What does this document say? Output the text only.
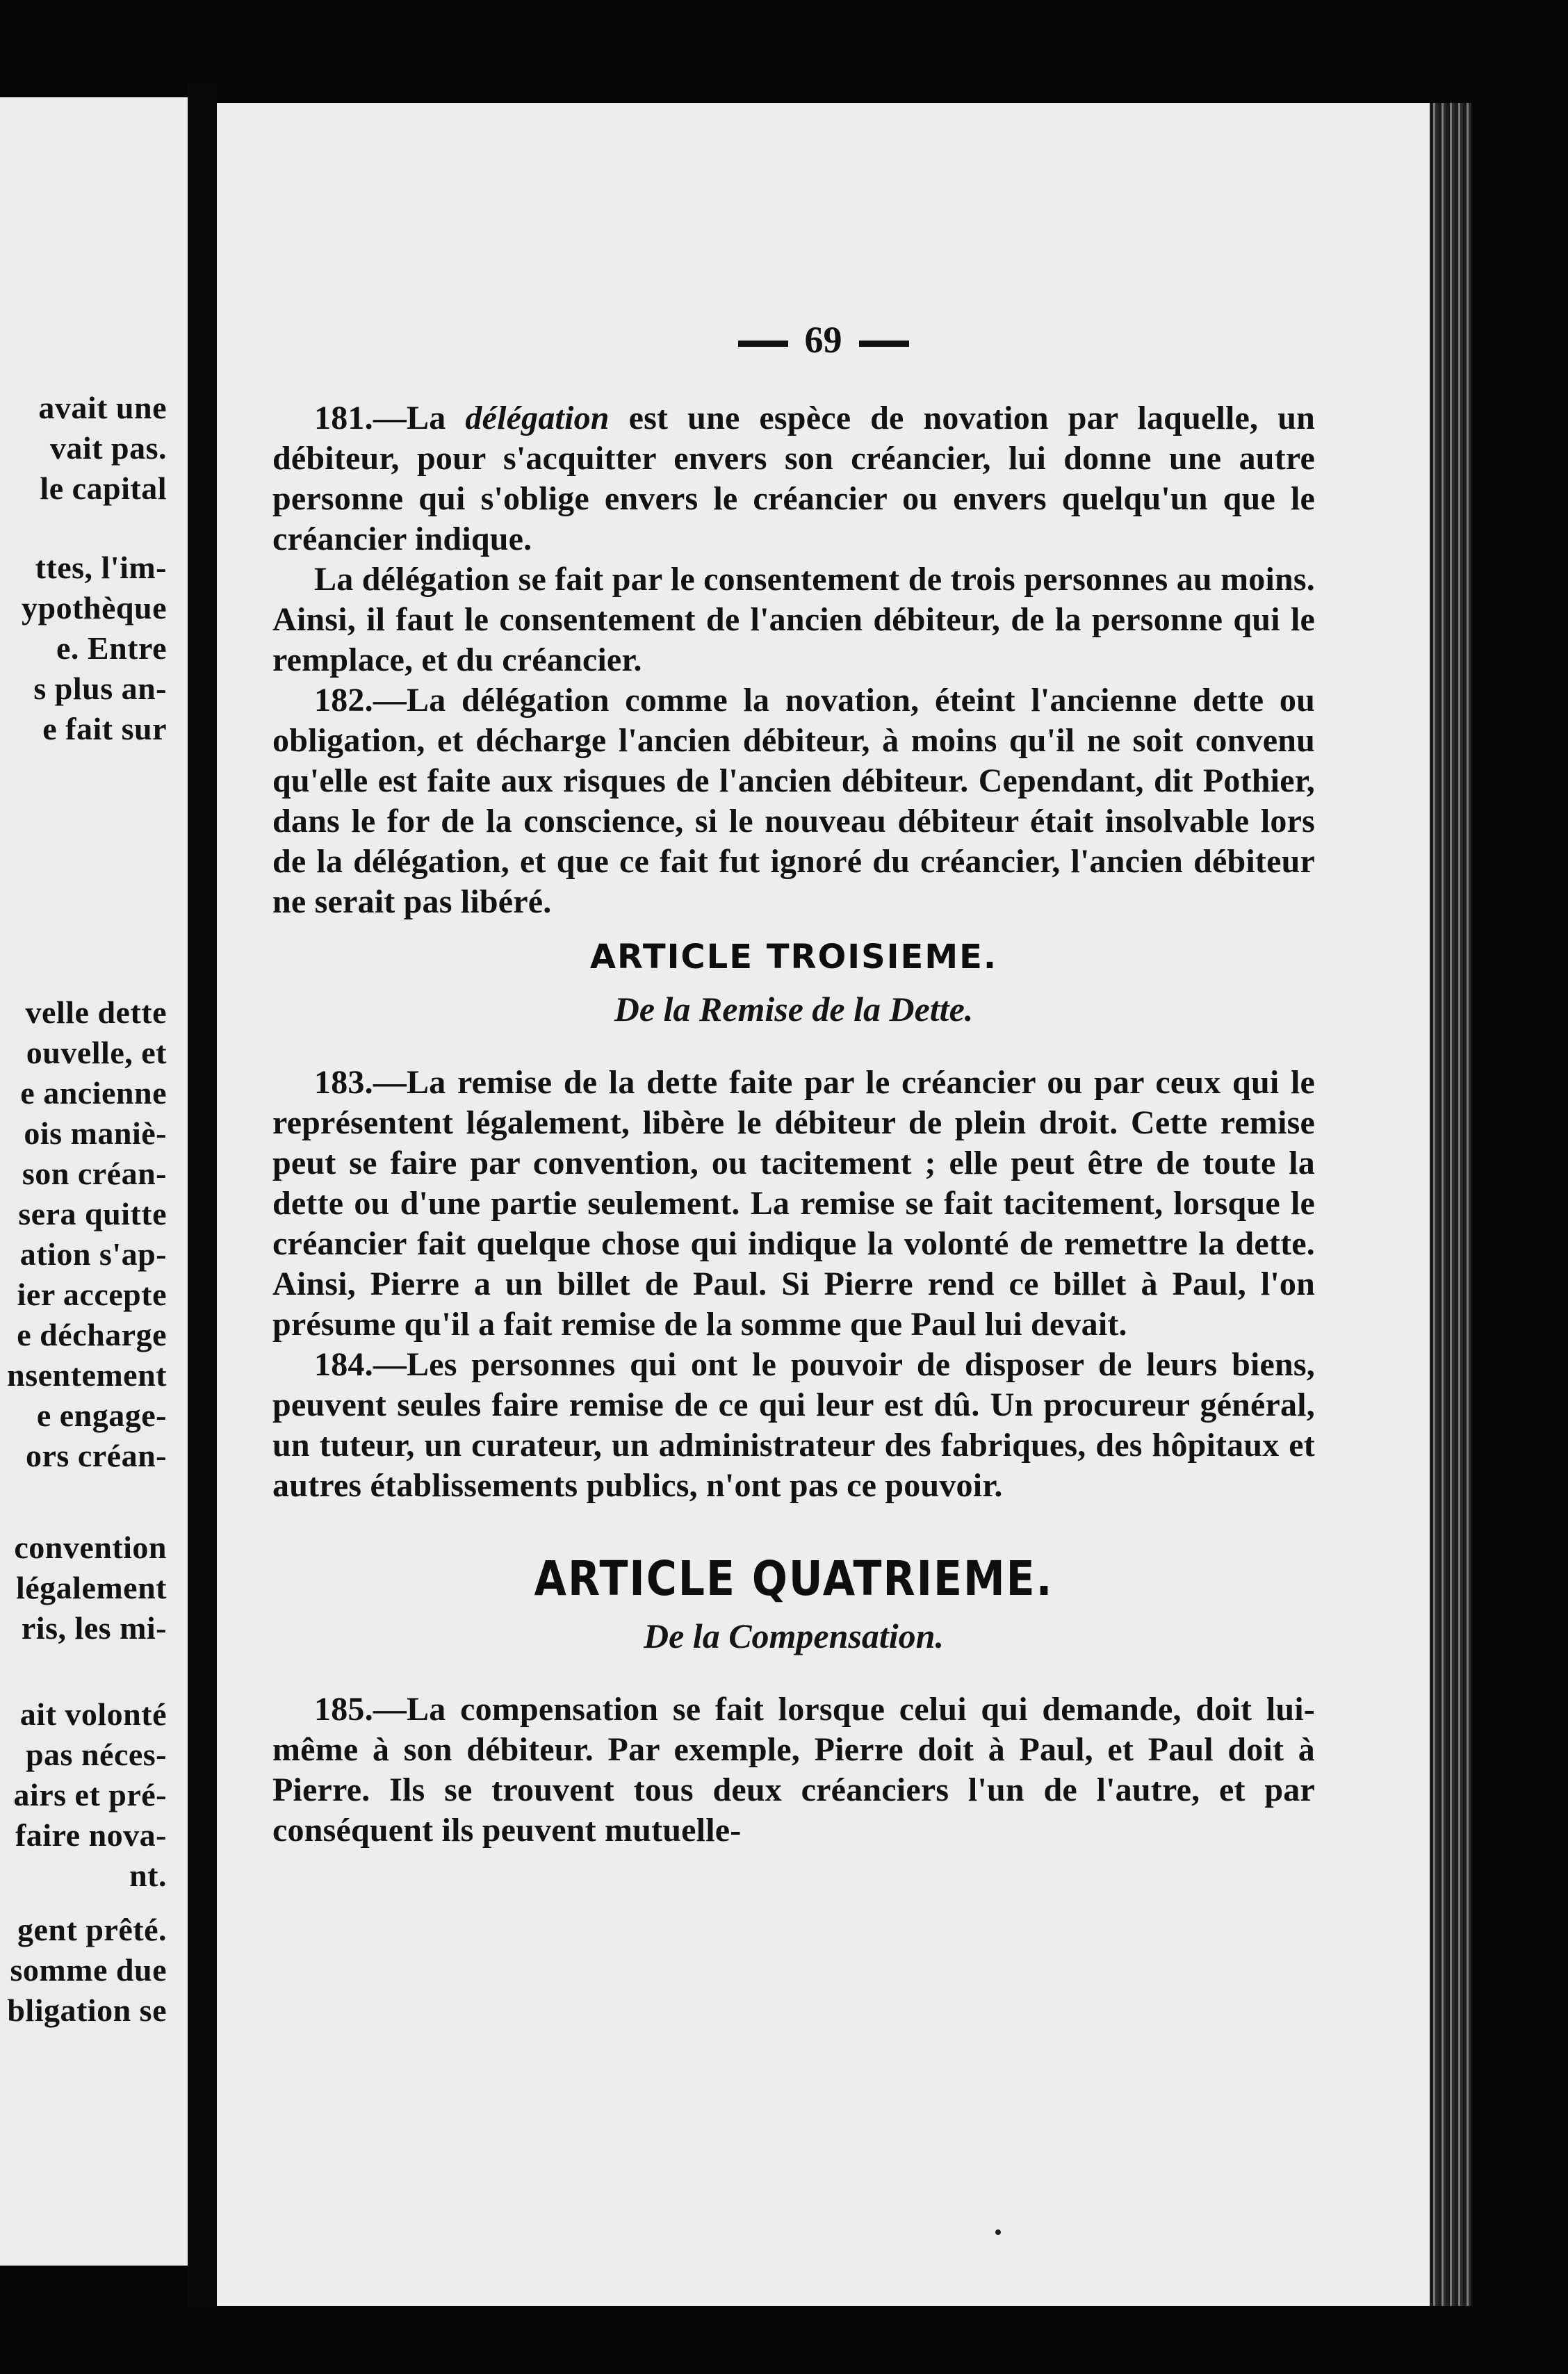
avait une
vait pas.
le capital
ttes, l'im-
ypothèque
e. Entre
s plus an-
e fait sur
velle dette
ouvelle, et
e ancienne
ois maniè-
son créan-
sera quitte
ation s'ap-
ier accepte
e décharge
nsentement
e engage-
ors créan-
convention
légalement
ris, les mi-
ait volonté
pas néces-
airs et pré-
faire nova-
nt.
gent prêté.
somme due
bligation se
69

181.—La délégation est une espèce de novation par laquelle, un débiteur, pour s'acquitter envers son créancier, lui donne une autre personne qui s'oblige envers le créancier ou envers quelqu'un que le créancier indique.

La délégation se fait par le consentement de trois personnes au moins. Ainsi, il faut le consentement de l'ancien débiteur, de la personne qui le remplace, et du créancier.

182.—La délégation comme la novation, éteint l'ancienne dette ou obligation, et décharge l'ancien débiteur, à moins qu'il ne soit convenu qu'elle est faite aux risques de l'ancien débiteur. Cependant, dit Pothier, dans le for de la conscience, si le nouveau débiteur était insolvable lors de la délégation, et que ce fait fut ignoré du créancier, l'ancien débiteur ne serait pas libéré.

ARTICLE TROISIEME.
De la Remise de la Dette.

183.—La remise de la dette faite par le créancier ou par ceux qui le représentent légalement, libère le débiteur de plein droit. Cette remise peut se faire par convention, ou tacitement ; elle peut être de toute la dette ou d'une partie seulement. La remise se fait tacitement, lorsque le créancier fait quelque chose qui indique la volonté de remettre la dette. Ainsi, Pierre a un billet de Paul. Si Pierre rend ce billet à Paul, l'on présume qu'il a fait remise de la somme que Paul lui devait.

184.—Les personnes qui ont le pouvoir de disposer de leurs biens, peuvent seules faire remise de ce qui leur est dû. Un procureur général, un tuteur, un curateur, un administrateur des fabriques, des hôpitaux et autres établissements publics, n'ont pas ce pouvoir.

ARTICLE QUATRIEME.
De la Compensation.

185.—La compensation se fait lorsque celui qui demande, doit lui-même à son débiteur. Par exemple, Pierre doit à Paul, et Paul doit à Pierre. Ils se trouvent tous deux créanciers l'un de l'autre, et par conséquent ils peuvent mutuelle-
